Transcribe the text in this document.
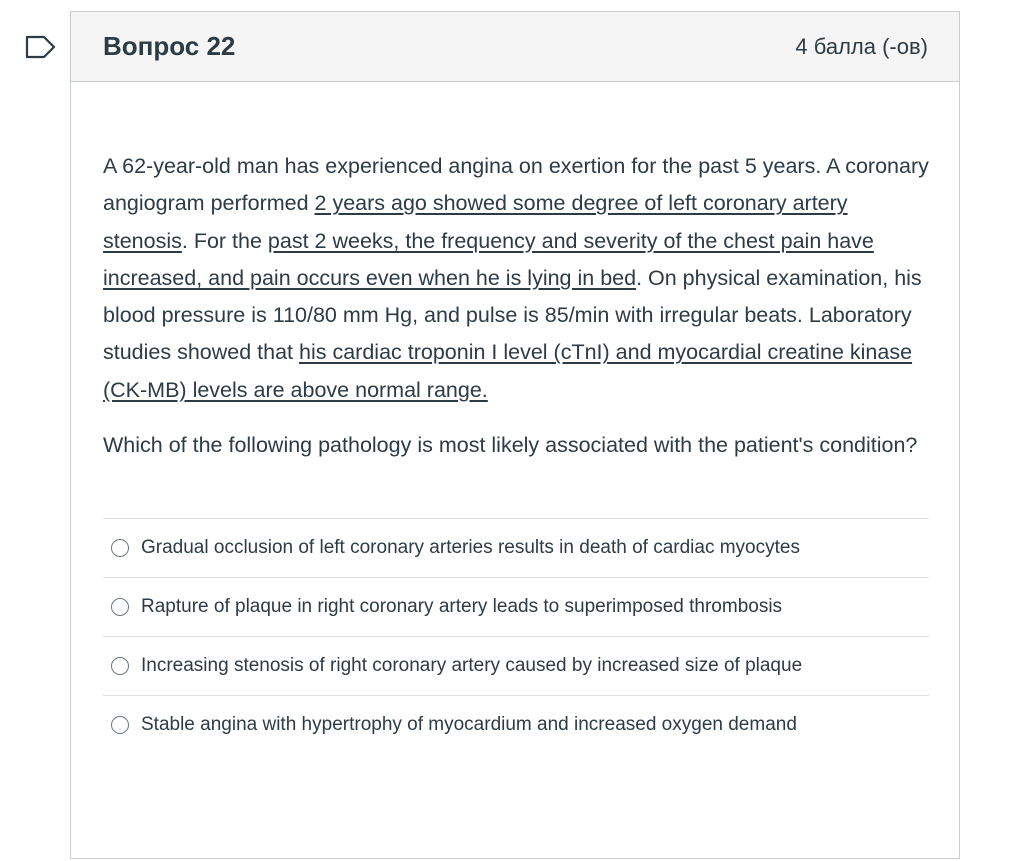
Вопрос 22	4 балла (-ов)

A 62-year-old man has experienced angina on exertion for the past 5 years. A coronary angiogram performed 2 years ago showed some degree of left coronary artery stenosis. For the past 2 weeks, the frequency and severity of the chest pain have increased, and pain occurs even when he is lying in bed. On physical examination, his blood pressure is 110/80 mm Hg, and pulse is 85/min with irregular beats. Laboratory studies showed that his cardiac troponin I level (cTnI) and myocardial creatine kinase (CK-MB) levels are above normal range.

Which of the following pathology is most likely associated with the patient's condition?

Gradual occlusion of left coronary arteries results in death of cardiac myocytes
Rapture of plaque in right coronary artery leads to superimposed thrombosis
Increasing stenosis of right coronary artery caused by increased size of plaque
Stable angina with hypertrophy of myocardium and increased oxygen demand
